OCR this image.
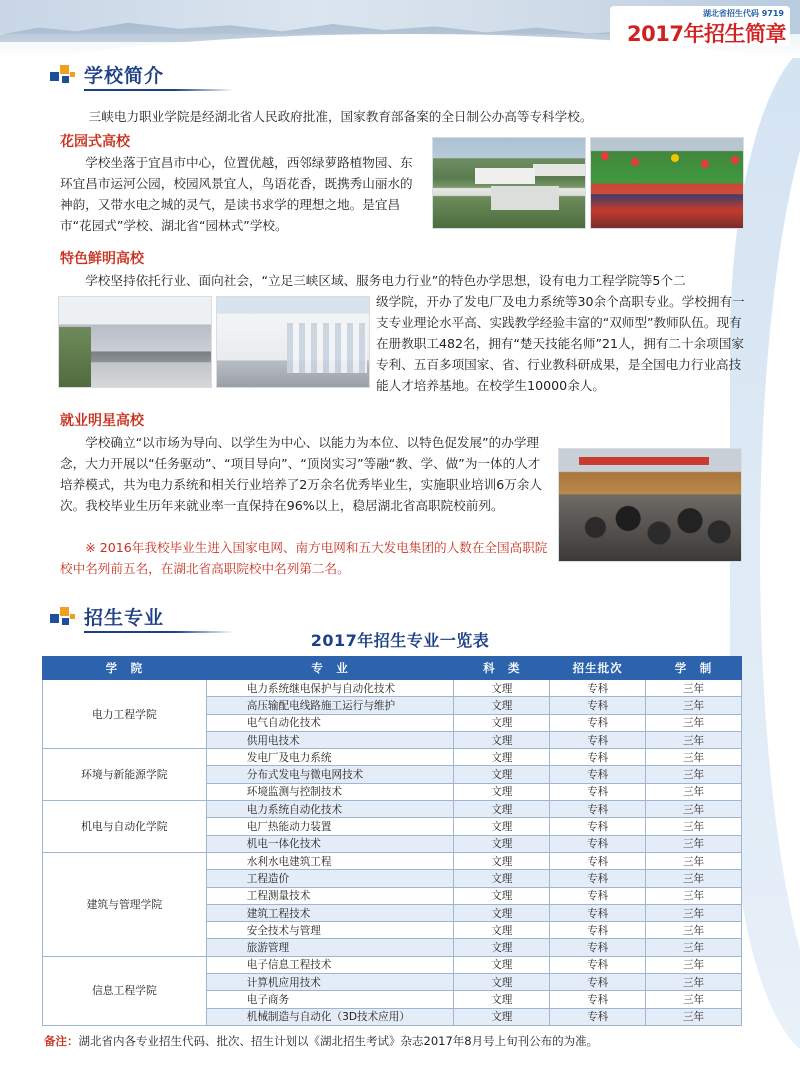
湖北省招生代码 9719
2017年招生简章
学校简介

三峡电力职业学院是经湖北省人民政府批准，国家教育部备案的全日制公办高等专科学校。

花园式高校

学校坐落于宜昌市中心，位置优越，西邻绿萝路植物园、东环宜昌市运河公园，校园风景宜人，鸟语花香，既携秀山丽水的神韵，又带水电之城的灵气，是读书求学的理想之地。是宜昌市“花园式”学校、湖北省“园林式”学校。

特色鲜明高校

学校坚持依托行业、面向社会，“立足三峡区域、服务电力行业”的特色办学思想，设有电力工程学院等5个二

级学院，开办了发电厂及电力系统等30余个高职专业。学校拥有一支专业理论水平高、实践教学经验丰富的“双师型”教师队伍。现有在册教职工482名，拥有“楚天技能名师”21人，拥有二十余项国家专利、五百多项国家、省、行业教科研成果，是全国电力行业高技能人才培养基地。在校学生10000余人。

就业明星高校

学校确立“以市场为导向、以学生为中心、以能力为本位、以特色促发展”的办学理念，大力开展以“任务驱动”、“项目导向”、“顶岗实习”等融“教、学、做”为一体的人才培养模式，共为电力系统和相关行业培养了2万余名优秀毕业生，实施职业培训6万余人次。我校毕业生历年来就业率一直保持在96%以上，稳居湖北省高职院校前列。

※ 2016年我校毕业生进入国家电网、南方电网和五大发电集团的人数在全国高职院校中名列前五名，在湖北省高职院校中名列第二名。

招生专业
2017年招生专业一览表
学　院	专　业	科　类	招生批次	学　制
电力工程学院	电力系统继电保护与自动化技术	文理	专科	三年
	高压输配电线路施工运行与维护	文理	专科	三年
	电气自动化技术	文理	专科	三年
	供用电技术	文理	专科	三年
环境与新能源学院	发电厂及电力系统	文理	专科	三年
	分布式发电与微电网技术	文理	专科	三年
	环境监测与控制技术	文理	专科	三年
机电与自动化学院	电力系统自动化技术	文理	专科	三年
	电厂热能动力装置	文理	专科	三年
	机电一体化技术	文理	专科	三年
建筑与管理学院	水利水电建筑工程	文理	专科	三年
	工程造价	文理	专科	三年
	工程测量技术	文理	专科	三年
	建筑工程技术	文理	专科	三年
	安全技术与管理	文理	专科	三年
	旅游管理	文理	专科	三年
信息工程学院	电子信息工程技术	文理	专科	三年
	计算机应用技术	文理	专科	三年
	电子商务	文理	专科	三年
	机械制造与自动化（3D技术应用）	文理	专科	三年
备注：湖北省内各专业招生代码、批次、招生计划以《湖北招生考试》杂志2017年8月号上旬刊公布的为准。
